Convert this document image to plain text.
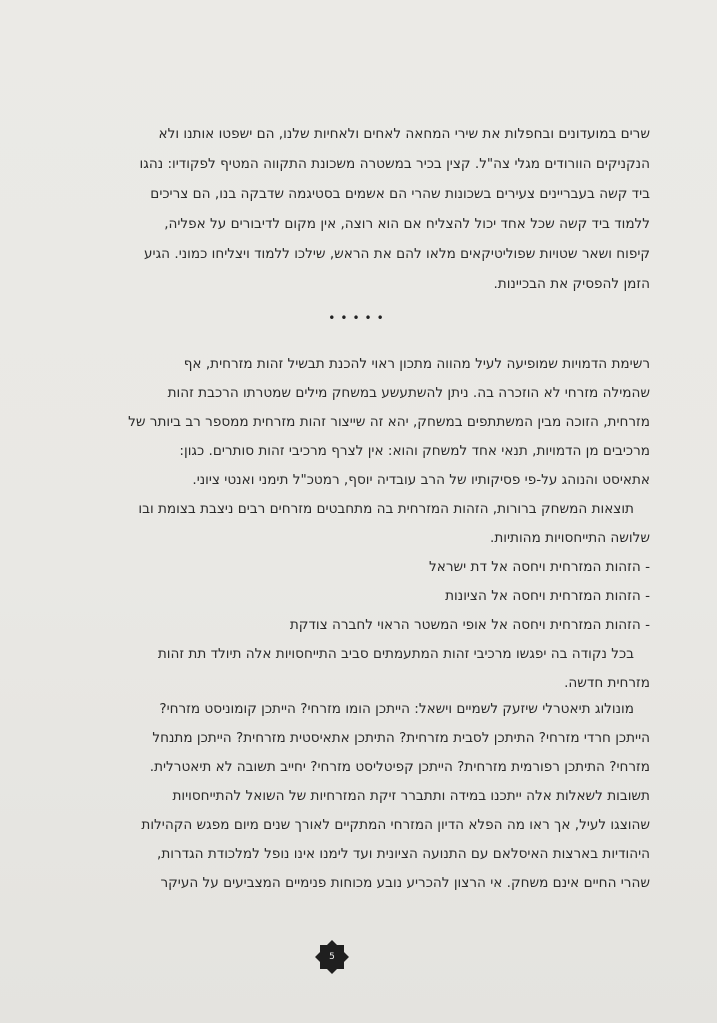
שרים במועדונים ובחפלות את שירי המחאה לאחים ולאחיות שלנו, הם ישפטו אותנו ולא
הנקניקים הוורודים מגלי צה"ל. קצין בכיר במשטרה משכונת התקווה המטיף לפקודיו: נהגו
ביד קשה בעבריינים צעירים בשכונות שהרי הם אשמים בסטיגמה שדבקה בנו, הם צריכים
ללמוד ביד קשה שכל אחד יכול להצליח אם הוא רוצה, אין מקום לדיבורים על אפליה,
קיפוח ושאר שטויות שפוליטיקאים מלאו להם את הראש, שילכו ללמוד ויצליחו כמוני. הגיע
הזמן להפסיק את הבכיינות.
•••••
רשימת הדמויות שמופיעה לעיל מהווה מתכון ראוי להכנת תבשיל זהות מזרחית, אף
שהמילה מזרחי לא הוזכרה בה. ניתן להשתעשע במשחק מילים שמטרתו הרכבת זהות
מזרחית, הזוכה מבין המשתתפים במשחק, יהא זה שייצור זהות מזרחית ממספר רב ביותר של
מרכיבים מן הדמויות, תנאי אחד למשחק והוא: אין לצרף מרכיבי זהות סותרים. כגון:
אתאיסט והנוהג על-פי פסיקותיו של הרב עובדיה יוסף, רמטכ"ל תימני ואנטי ציוני.
תוצאות המשחק ברורות, הזהות המזרחית בה מתחבטים מזרחים רבים ניצבת בצומת ובו
שלושה התייחסויות מהותיות.
- הזהות המזרחית ויחסה אל דת ישראל
- הזהות המזרחית ויחסה אל הציונות
- הזהות המזרחית ויחסה אל אופי המשטר הראוי לחברה צודקת
בכל נקודה בה יפגשו מרכיבי זהות המתעמתים סביב התייחסויות אלה תיולד תת זהות
מזרחית חדשה.
מונולוג תיאטרלי שיזעק לשמיים וישאל: הייתכן הומו מזרחי? הייתכן קומוניסט מזרחי?
הייתכן חרדי מזרחי? התיתכן לסבית מזרחית? התיתכן אתאיסטית מזרחית? הייתכן מתנחל
מזרחי? התיתכן רפורמית מזרחית? הייתכן קפיטליסט מזרחי? יחייב תשובה לא תיאטרלית.
תשובות לשאלות אלה ייתכנו במידה ותתברר זיקת המזרחיות של השואל להתייחסויות
שהוצגו לעיל, אך ראו מה הפלא הדיון המזרחי המתקיים לאורך שנים מיום מפגש הקהילות
היהודיות בארצות האיסלאם עם התנועה הציונית ועד לימנו אינו נופל למלכודת הגדרות,
שהרי החיים אינם משחק. אי הרצון להכריע נובע מכוחות פנימיים המצביעים על העיקר
5
